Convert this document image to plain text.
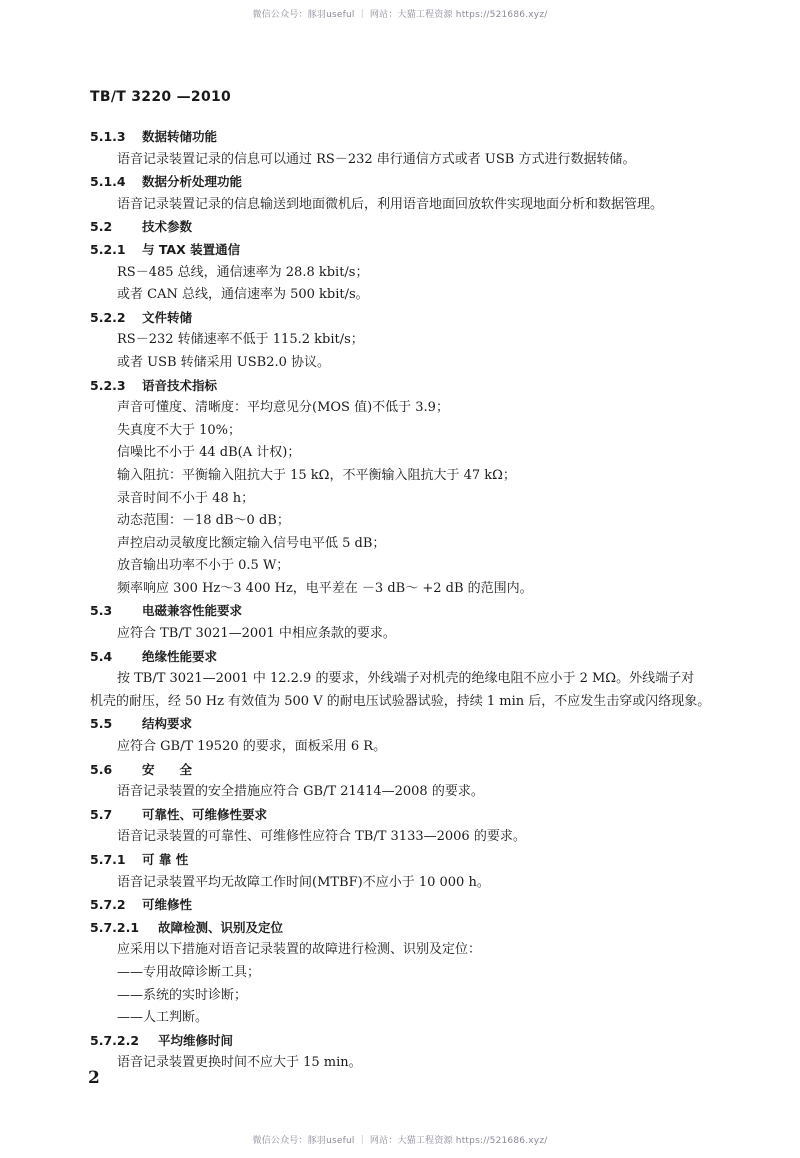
微信公众号：豚羽useful ｜ 网站：大猫工程资源 https://521686.xyz/
TB/T 3220 —2010
5.1.3 数据转储功能
语音记录装置记录的信息可以通过 RS－232 串行通信方式或者 USB 方式进行数据转储。
5.1.4 数据分析处理功能
语音记录装置记录的信息输送到地面微机后，利用语音地面回放软件实现地面分析和数据管理。
5.2 技术参数
5.2.1 与 TAX 装置通信
RS－485 总线，通信速率为 28.8 kbit/s；
或者 CAN 总线，通信速率为 500 kbit/s。
5.2.2 文件转储
RS－232 转储速率不低于 115.2 kbit/s；
或者 USB 转储采用 USB2.0 协议。
5.2.3 语音技术指标
声音可懂度、清晰度：平均意见分(MOS 值)不低于 3.9；
失真度不大于 10%；
信噪比不小于 44 dB(A 计权)；
输入阻抗：平衡输入阻抗大于 15 kΩ，不平衡输入阻抗大于 47 kΩ；
录音时间不小于 48 h；
动态范围：－18 dB～0 dB；
声控启动灵敏度比额定输入信号电平低 5 dB；
放音输出功率不小于 0.5 W；
频率响应 300 Hz～3 400 Hz，电平差在 －3 dB～ +2 dB 的范围内。
5.3 电磁兼容性能要求
应符合 TB/T 3021—2001 中相应条款的要求。
5.4 绝缘性能要求
按 TB/T 3021—2001 中 12.2.9 的要求，外线端子对机壳的绝缘电阻不应小于 2 MΩ。外线端子对
机壳的耐压，经 50 Hz 有效值为 500 V 的耐电压试验器试验，持续 1 min 后，不应发生击穿或闪络现象。
5.5 结构要求
应符合 GB/T 19520 的要求，面板采用 6 R。
5.6 安　　全
语音记录装置的安全措施应符合 GB/T 21414—2008 的要求。
5.7 可靠性、可维修性要求
语音记录装置的可靠性、可维修性应符合 TB/T 3133—2006 的要求。
5.7.1 可 靠 性
语音记录装置平均无故障工作时间(MTBF)不应小于 10 000 h。
5.7.2 可维修性
5.7.2.1 故障检测、识别及定位
应采用以下措施对语音记录装置的故障进行检测、识别及定位：
——专用故障诊断工具；
——系统的实时诊断；
——人工判断。
5.7.2.2 平均维修时间
语音记录装置更换时间不应大于 15 min。
2
微信公众号：豚羽useful ｜ 网站：大猫工程资源 https://521686.xyz/
